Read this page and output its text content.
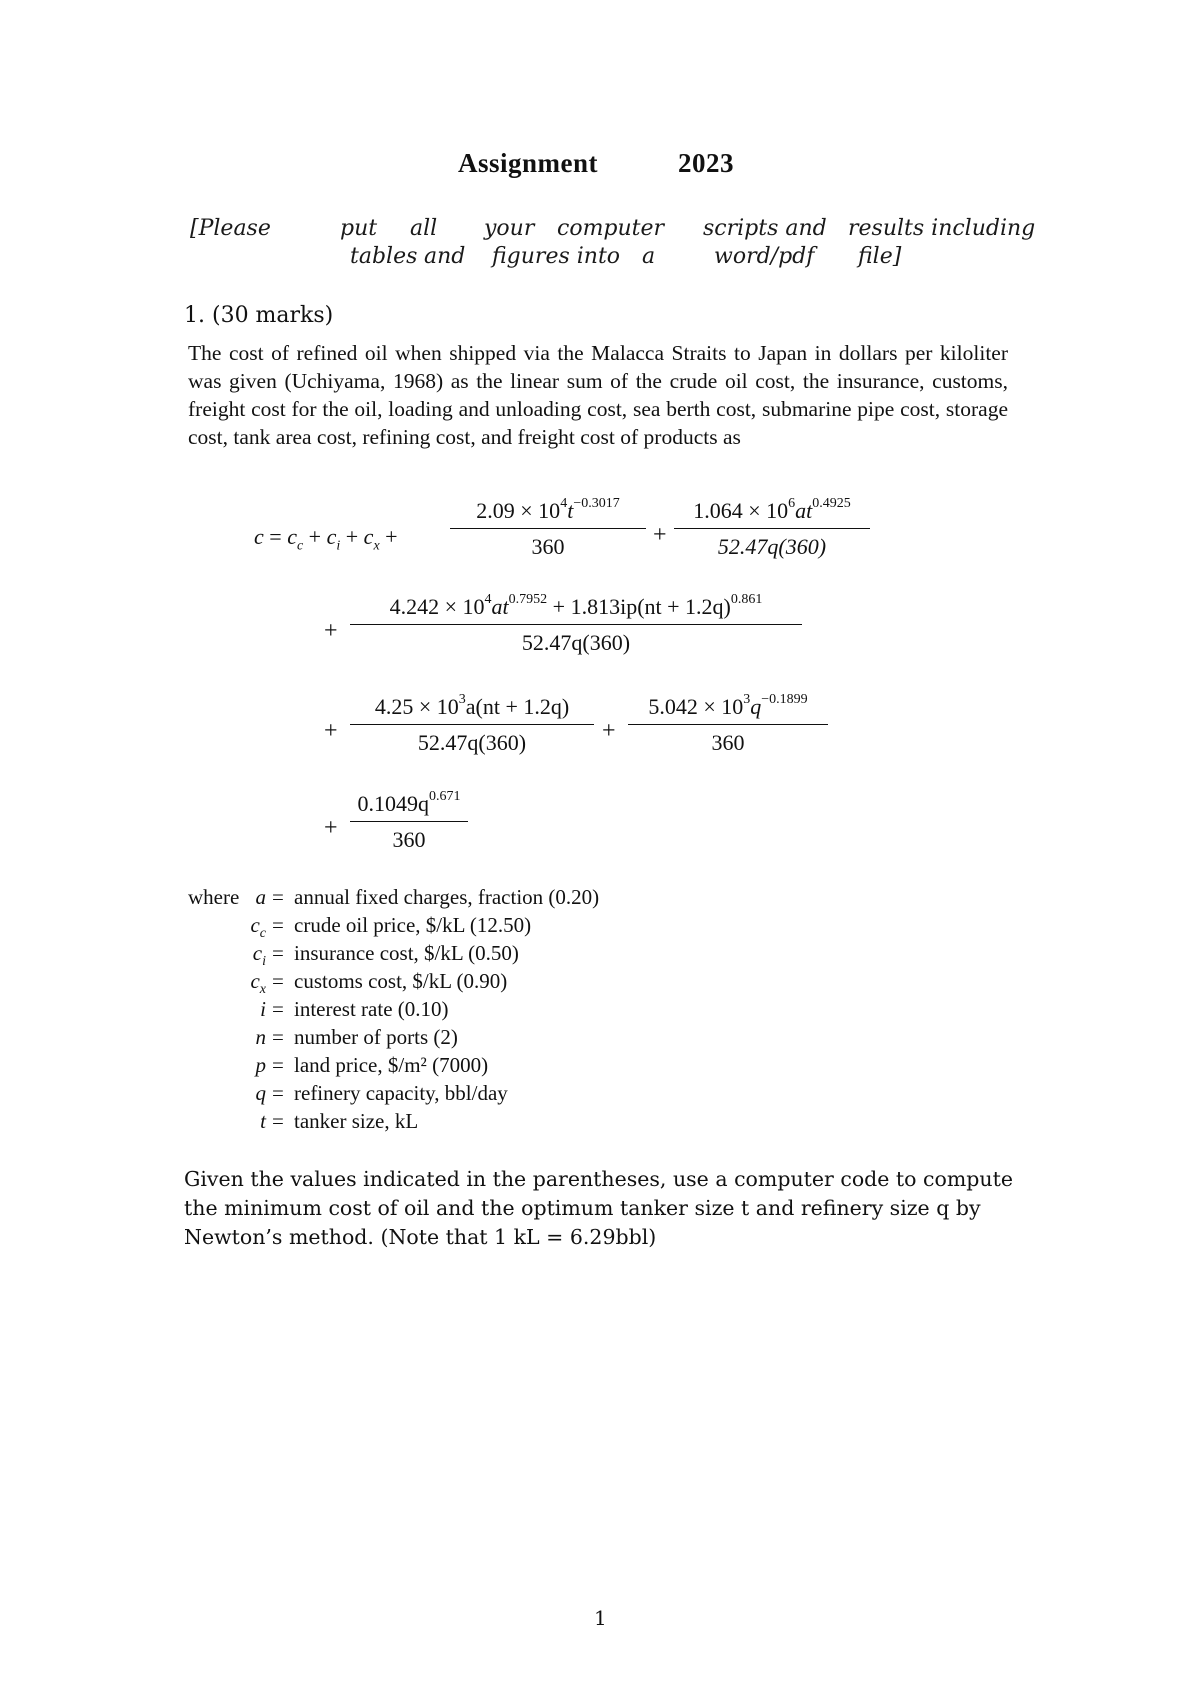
Assignment	2023
[Please	put all your computer scripts and results including
tables and figures into a	word/pdf file]
1. (30 marks)
The cost of refined oil when shipped via the Malacca Straits to Japan in dollars per kiloliter was given (Uchiyama, 1968) as the linear sum of the crude oil cost, the insurance, customs, freight cost for the oil, loading and unloading cost, sea berth cost, submarine pipe cost, storage cost, tank area cost, refining cost, and freight cost of products as
$c = c_c + c_i + c_x$ +
$2.09 \times 10^4t^{-0.3017}$
360	+
$1.064 \times 10^6at^{0.4925}$
52.47q(360)
+
$4.242 \times 10^4at^{0.7952} + 1.813ip(nt + 1.2q)^{0.861}$
52.47q(360)
+
$4.25 \times 10^3a(nt + 1.2q)$
52.47q(360)	+
$5.042 \times 10^3q^{-0.1899}$
360
+
$0.1049q^{0.671}$
360
where a = annual fixed charges, fraction (0.20)
$c_c$ = crude oil price, $/kL (12.50)
$c_i$ = insurance cost, $/kL (0.50)
$c_x$ = customs cost, $/kL (0.90)
i = interest rate (0.10)
n = number of ports (2)
p = land price, $/m² (7000)
q = refinery capacity, bbl/day
t = tanker size, kL
Given the values indicated in the parentheses, use a computer code to compute the minimum cost of oil and the optimum tanker size t and refinery size q by Newton’s method. (Note that 1 kL = 6.29bbl)
1
